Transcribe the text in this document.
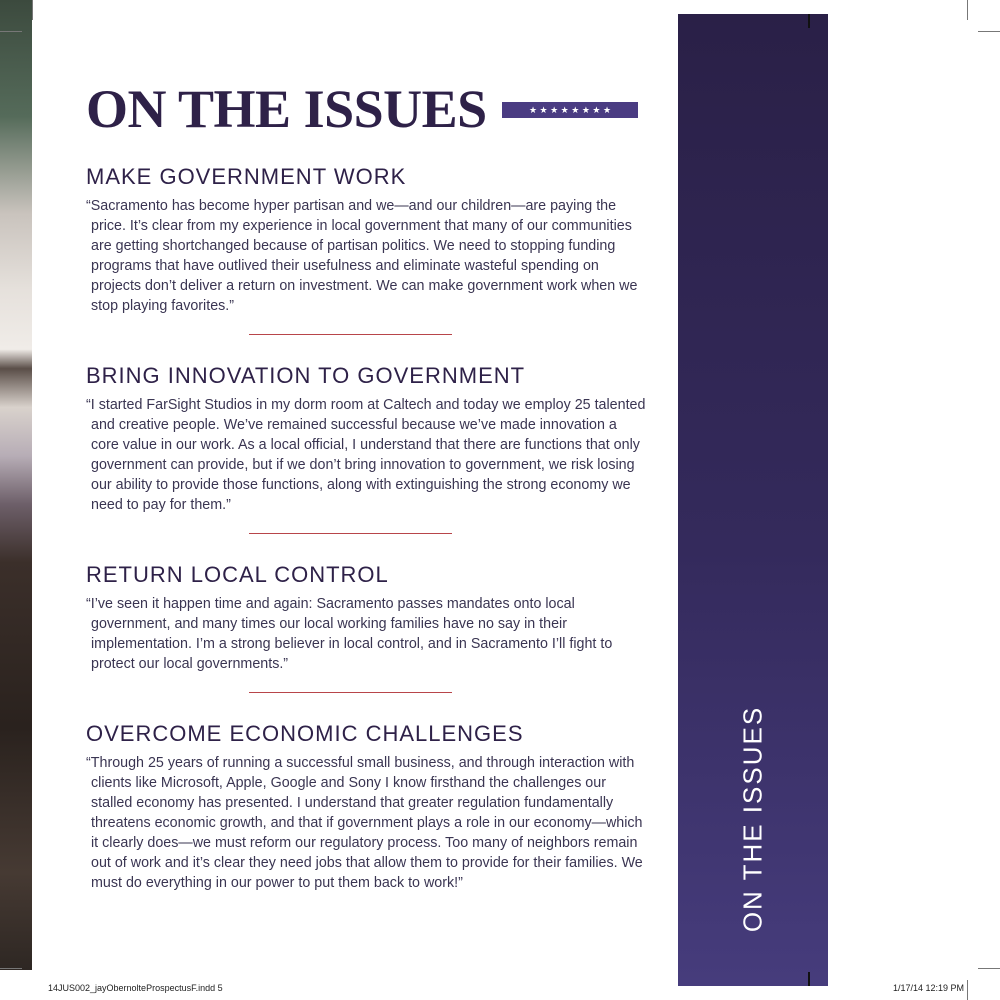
ON THE ISSUES	★ ★ ★ ★ ★ ★ ★ ★
MAKE GOVERNMENT WORK

“Sacramento has become hyper partisan and we—and our children—are paying the price. It’s clear from my experience in local government that many of our communities are getting shortchanged because of partisan politics. We need to stopping funding programs that have outlived their usefulness and eliminate wasteful spending on projects don’t deliver a return on investment. We can make government work when we stop playing favorites.”

BRING INNOVATION TO GOVERNMENT

“I started FarSight Studios in my dorm room at Caltech and today we employ 25 talented and creative people. We’ve remained successful because we’ve made innovation a core value in our work. As a local official, I understand that there are functions that only government can provide, but if we don’t bring innovation to government, we risk losing our ability to provide those functions, along with extinguishing the strong economy we need to pay for them.”

RETURN LOCAL CONTROL

“I’ve seen it happen time and again: Sacramento passes mandates onto local government, and many times our local working families have no say in their implementation. I’m a strong believer in local control, and in Sacramento I’ll fight to protect our local governments.”

OVERCOME ECONOMIC CHALLENGES

“Through 25 years of running a successful small business, and through interaction with clients like Microsoft, Apple, Google and Sony I know firsthand the challenges our stalled economy has presented. I understand that greater regulation fundamentally threatens economic growth, and that if government plays a role in our economy—which it clearly does—we must reform our regulatory process. Too many of neighbors remain out of work and it’s clear they need jobs that allow them to provide for their families. We must do everything in our power to put them back to work!”	ON THE ISSUES
14JUS002_jayObernolteProspectusF.indd 5	1/17/14 12:19 PM
